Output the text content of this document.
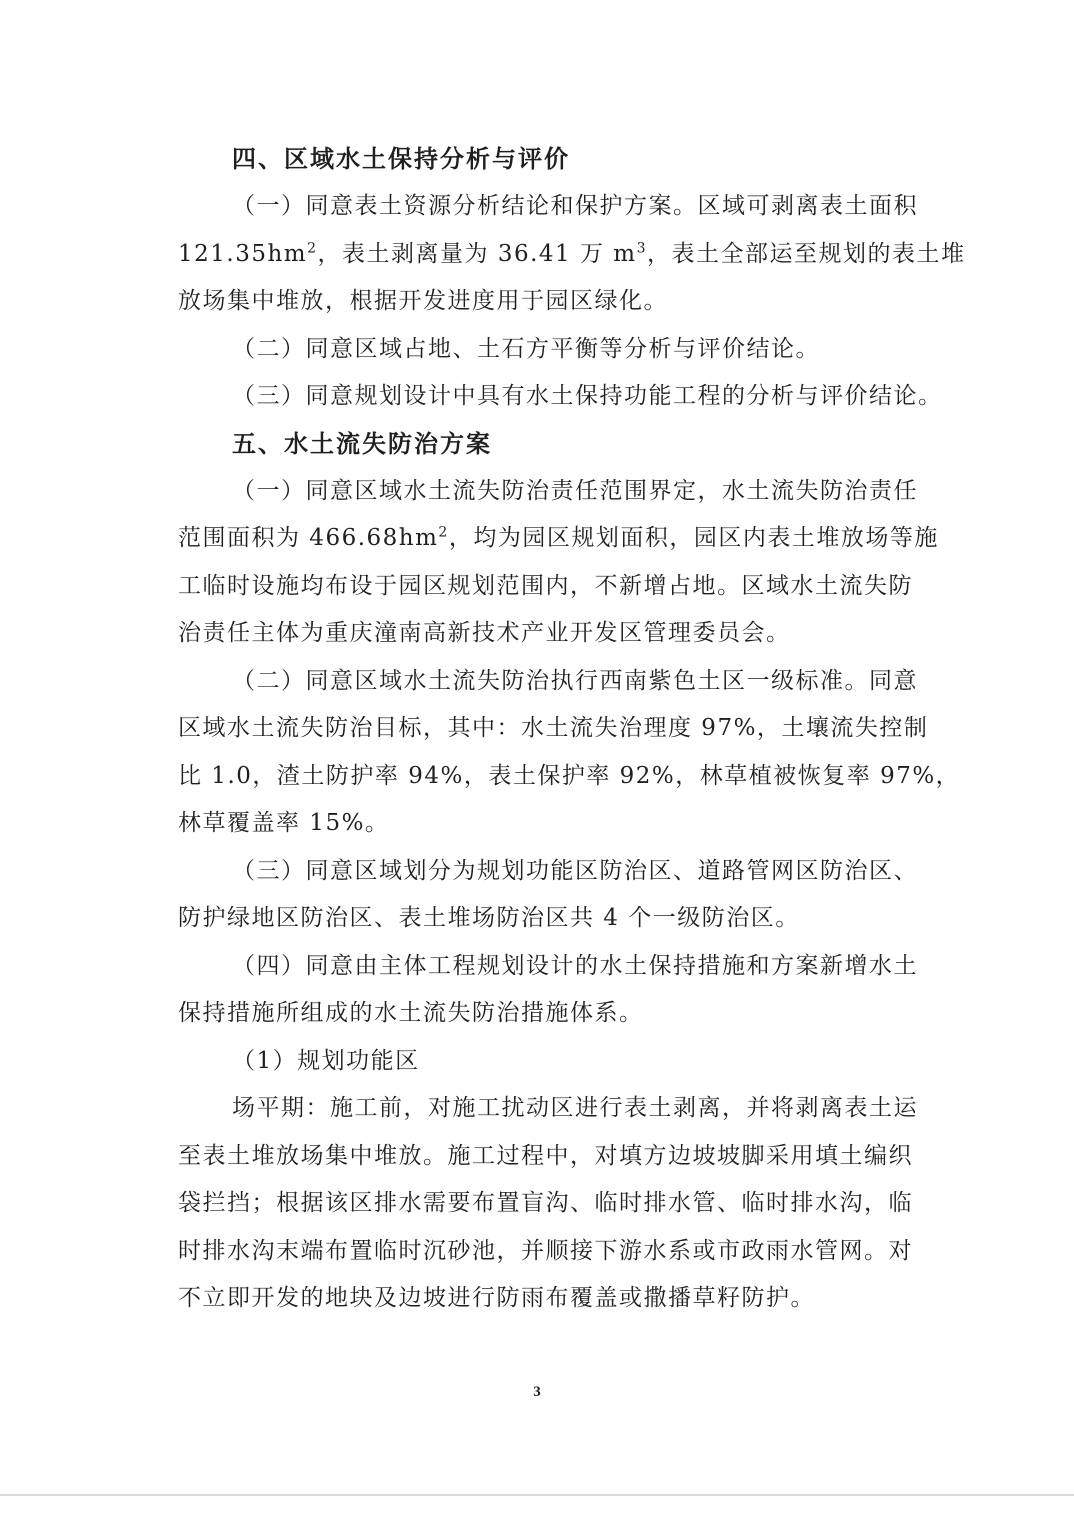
四、区域水土保持分析与评价
（一）同意表土资源分析结论和保护方案。区域可剥离表土面积
$121.35hm^2$，表土剥离量为 36.41 万 $m^3$，表土全部运至规划的表土堆
放场集中堆放，根据开发进度用于园区绿化。
（二）同意区域占地、土石方平衡等分析与评价结论。
（三）同意规划设计中具有水土保持功能工程的分析与评价结论。
五、水土流失防治方案
（一）同意区域水土流失防治责任范围界定，水土流失防治责任
范围面积为 $466.68hm^2$，均为园区规划面积，园区内表土堆放场等施
工临时设施均布设于园区规划范围内，不新增占地。区域水土流失防
治责任主体为重庆潼南高新技术产业开发区管理委员会。
（二）同意区域水土流失防治执行西南紫色土区一级标准。同意
区域水土流失防治目标，其中：水土流失治理度 97%，土壤流失控制
比 1.0，渣土防护率 94%，表土保护率 92%，林草植被恢复率 97%，
林草覆盖率 15%。
（三）同意区域划分为规划功能区防治区、道路管网区防治区、
防护绿地区防治区、表土堆场防治区共 4 个一级防治区。
（四）同意由主体工程规划设计的水土保持措施和方案新增水土
保持措施所组成的水土流失防治措施体系。
（1）规划功能区
场平期：施工前，对施工扰动区进行表土剥离，并将剥离表土运
至表土堆放场集中堆放。施工过程中，对填方边坡坡脚采用填土编织
袋拦挡；根据该区排水需要布置盲沟、临时排水管、临时排水沟，临
时排水沟末端布置临时沉砂池，并顺接下游水系或市政雨水管网。对
不立即开发的地块及边坡进行防雨布覆盖或撒播草籽防护。
3
